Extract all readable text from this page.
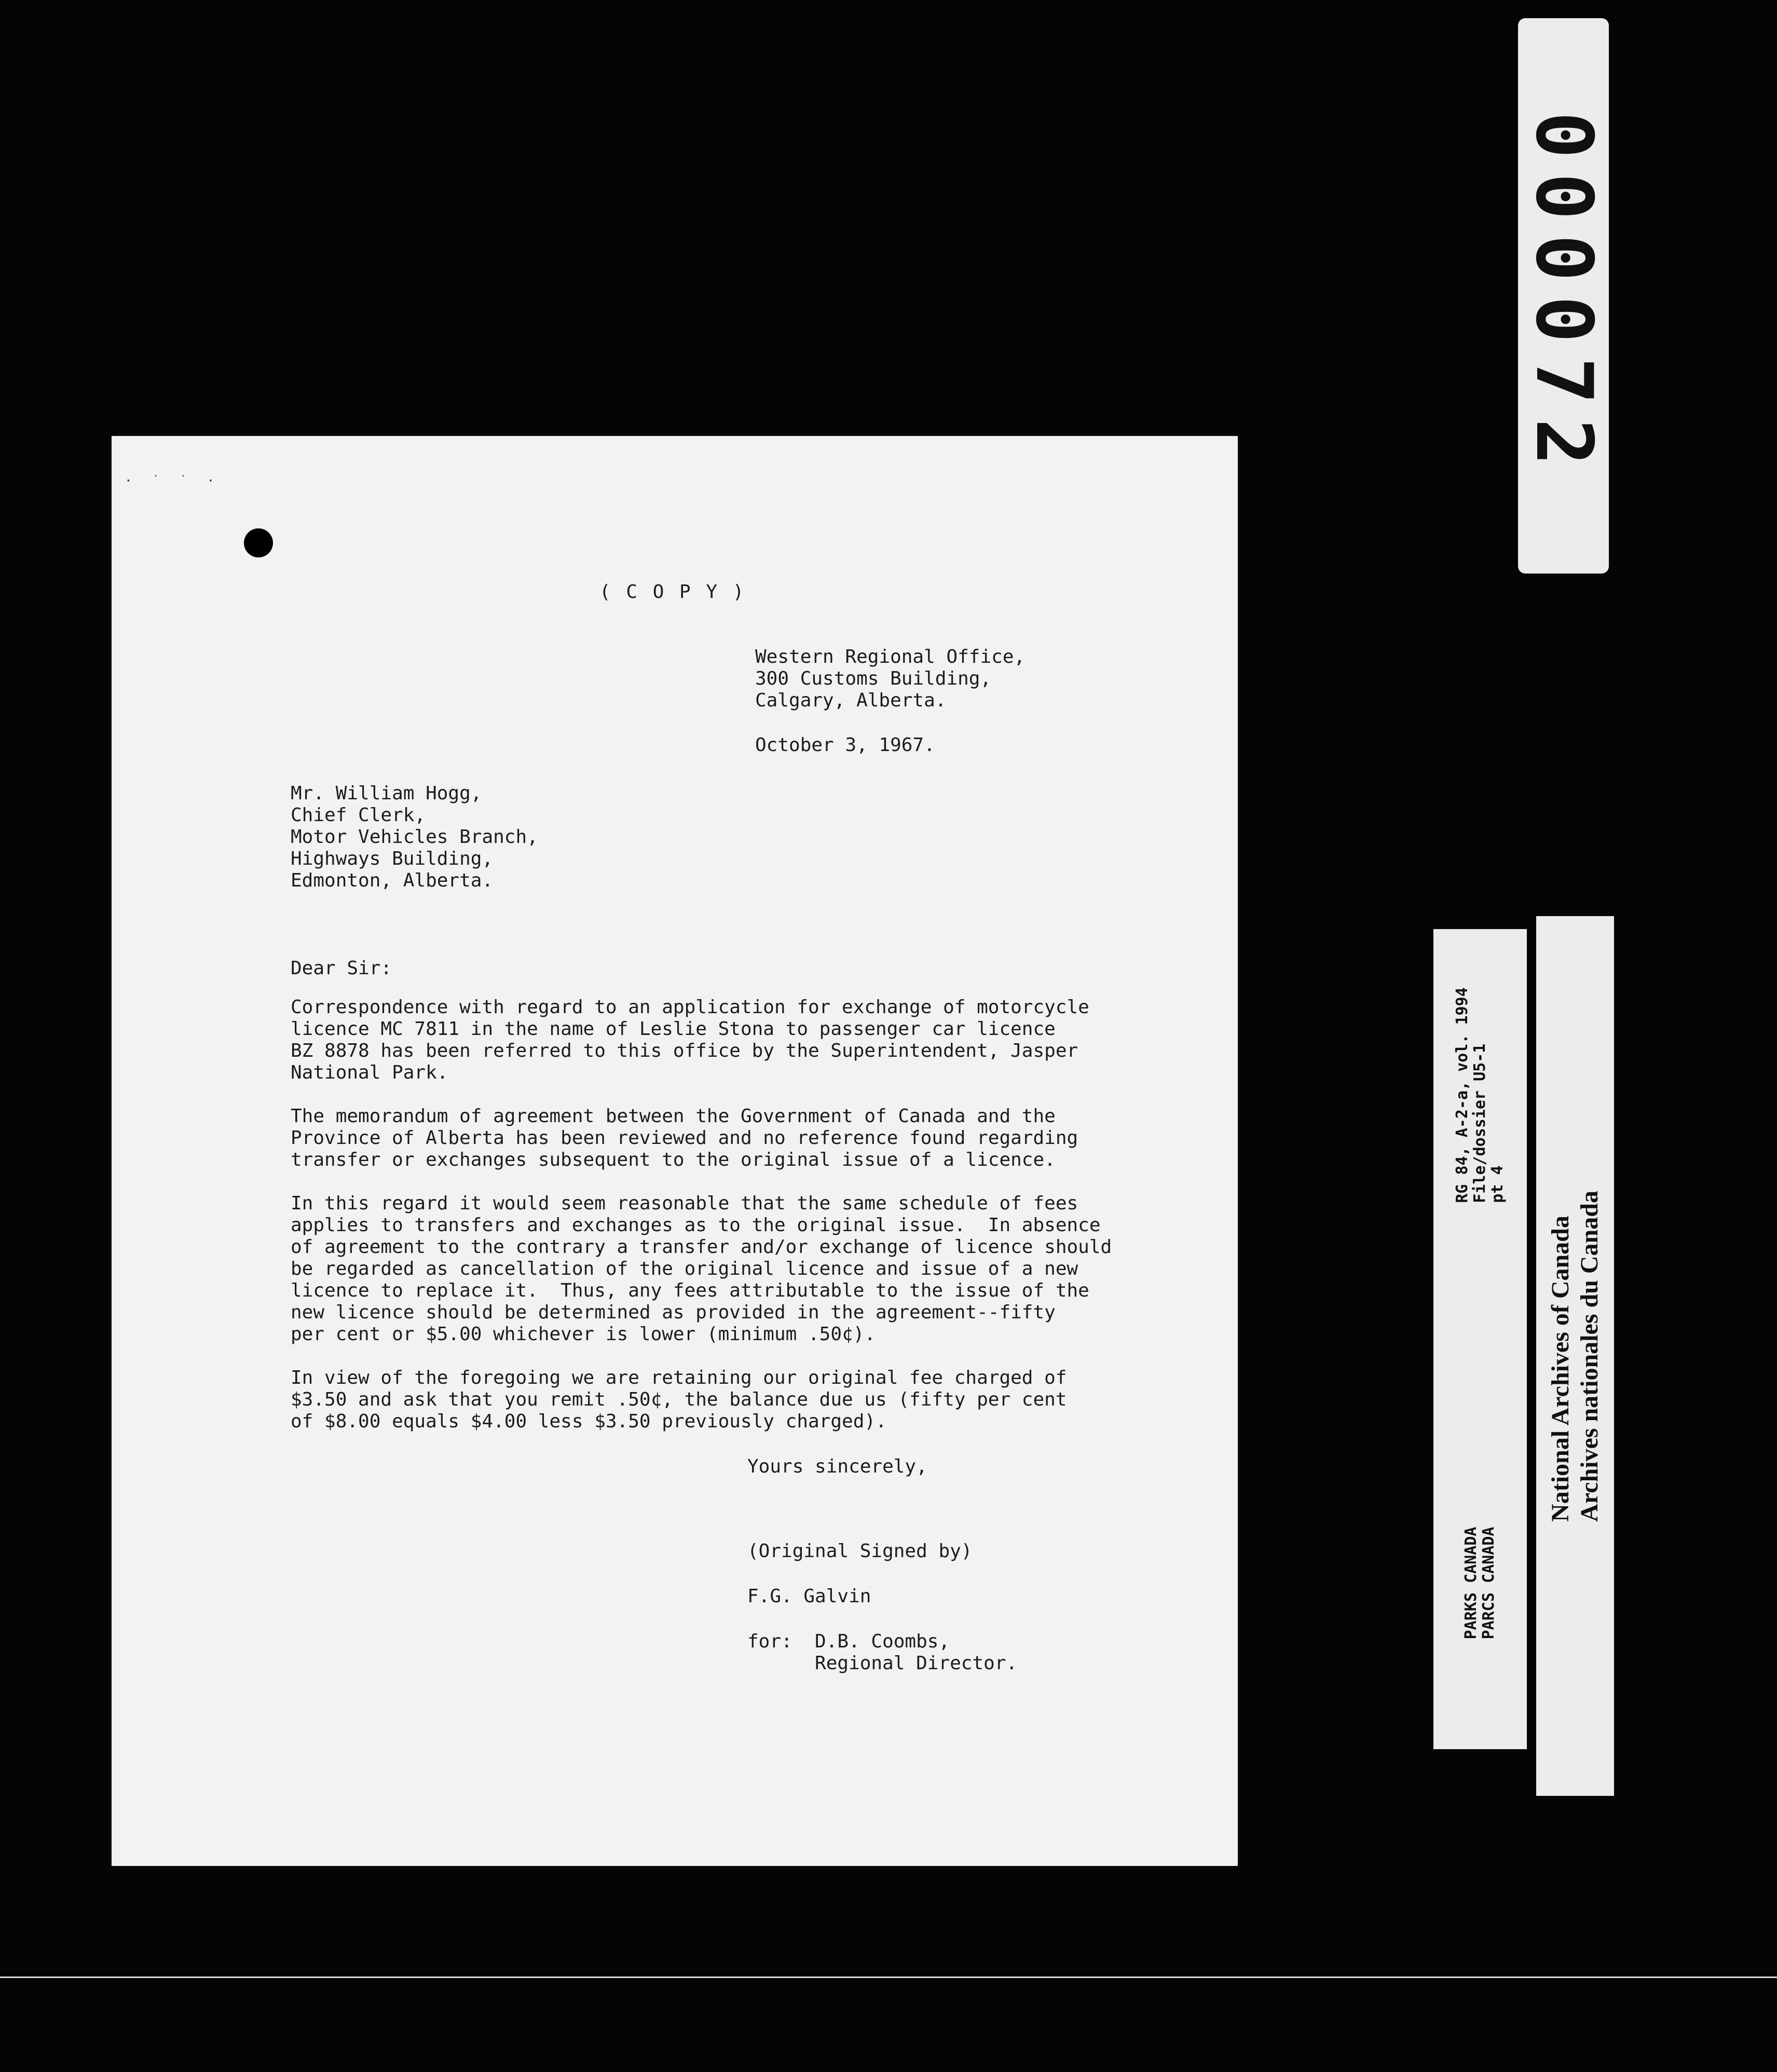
· ˙ ˙ ·
( C O P Y )
Western Regional Office,
300 Customs Building,
Calgary, Alberta.
October 3, 1967.
Mr. William Hogg,
Chief Clerk,
Motor Vehicles Branch,
Highways Building,
Edmonton, Alberta.
Dear Sir:

Correspondence with regard to an application for exchange of motorcycle
licence MC 7811 in the name of Leslie Stona to passenger car licence
BZ 8878 has been referred to this office by the Superintendent, Jasper
National Park.

The memorandum of agreement between the Government of Canada and the
Province of Alberta has been reviewed and no reference found regarding
transfer or exchanges subsequent to the original issue of a licence.

In this regard it would seem reasonable that the same schedule of fees
applies to transfers and exchanges as to the original issue.  In absence
of agreement to the contrary a transfer and/or exchange of licence should
be regarded as cancellation of the original licence and issue of a new
licence to replace it.  Thus, any fees attributable to the issue of the
new licence should be determined as provided in the agreement--fifty
per cent or $5.00 whichever is lower (minimum .50¢).

In view of the foregoing we are retaining our original fee charged of
$3.50 and ask that you remit .50¢, the balance due us (fifty per cent
of $8.00 equals $4.00 less $3.50 previously charged).

Yours sincerely,
(Original Signed by)
F.G. Galvin
for:  D.B. Coombs,
Regional Director.
000072
PARKS CANADA
PARCS CANADA
RG 84, A-2-a, vol. 1994
File/dossier U5-1
pt 4
National Archives of Canada
Archives nationales du Canada
